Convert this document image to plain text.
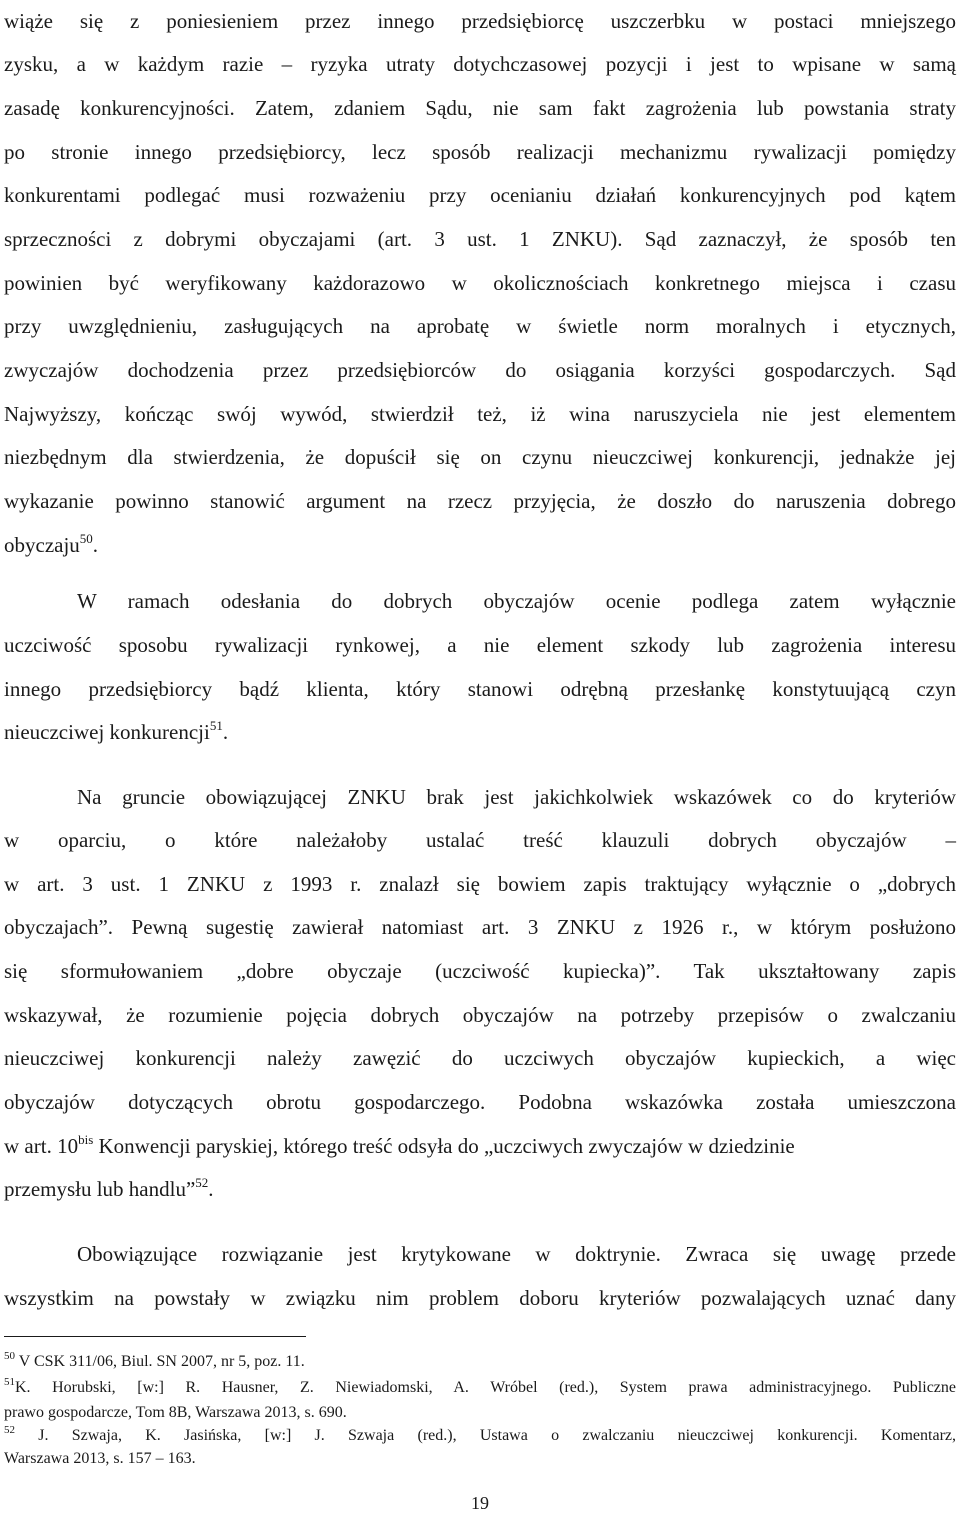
wiąże się z poniesieniem przez innego przedsiębiorcę uszczerbku w postaci mniejszego
zysku, a w każdym razie – ryzyka utraty dotychczasowej pozycji i jest to wpisane w samą
zasadę konkurencyjności. Zatem, zdaniem Sądu, nie sam fakt zagrożenia lub powstania straty
po stronie innego przedsiębiorcy, lecz sposób realizacji mechanizmu rywalizacji pomiędzy
konkurentami podlegać musi rozważeniu przy ocenianiu działań konkurencyjnych pod kątem
sprzeczności z dobrymi obyczajami (art. 3 ust. 1 ZNKU). Sąd zaznaczył, że sposób ten
powinien być weryfikowany każdorazowo w okolicznościach konkretnego miejsca i czasu
przy uwzględnieniu, zasługujących na aprobatę w świetle norm moralnych i etycznych,
zwyczajów dochodzenia przez przedsiębiorców do osiągania korzyści gospodarczych. Sąd
Najwyższy, kończąc swój wywód, stwierdził też, iż wina naruszyciela nie jest elementem
niezbędnym dla stwierdzenia, że dopuścił się on czynu nieuczciwej konkurencji, jednakże jej
wykazanie powinno stanowić argument na rzecz przyjęcia, że doszło do naruszenia dobrego
obyczaju$^{50}$.
W ramach odesłania do dobrych obyczajów ocenie podlega zatem wyłącznie
uczciwość sposobu rywalizacji rynkowej, a nie element szkody lub zagrożenia interesu
innego przedsiębiorcy bądź klienta, który stanowi odrębną przesłankę konstytuującą czyn
nieuczciwej konkurencji$^{51}$.
Na gruncie obowiązującej ZNKU brak jest jakichkolwiek wskazówek co do kryteriów
w oparciu, o które należałoby ustalać treść klauzuli dobrych obyczajów –
w art. 3 ust. 1 ZNKU z 1993 r. znalazł się bowiem zapis traktujący wyłącznie o „dobrych
obyczajach”. Pewną sugestię zawierał natomiast art. 3 ZNKU z 1926 r., w którym posłużono
się sformułowaniem „dobre obyczaje (uczciwość kupiecka)”. Tak ukształtowany zapis
wskazywał, że rozumienie pojęcia dobrych obyczajów na potrzeby przepisów o zwalczaniu
nieuczciwej konkurencji należy zawęzić do uczciwych obyczajów kupieckich, a więc
obyczajów dotyczących obrotu gospodarczego. Podobna wskazówka została umieszczona
w art. $10^{bis}$ Konwencji paryskiej, którego treść odsyła do „uczciwych zwyczajów w dziedzinie
przemysłu lub handlu”$^{52}$.
Obowiązujące rozwiązanie jest krytykowane w doktrynie. Zwraca się uwagę przede
wszystkim na powstały w związku nim problem doboru kryteriów pozwalających uznać dany
$^{50}$ V CSK 311/06, Biul. SN 2007, nr 5, poz. 11.
$^{51}$K. Horubski, [w:] R. Hausner, Z. Niewiadomski, A. Wróbel (red.), System prawa administracyjnego. Publiczne
prawo gospodarcze, Tom 8B, Warszawa 2013, s. 690.
$^{52}$ J. Szwaja, K. Jasińska, [w:] J. Szwaja (red.), Ustawa o zwalczaniu nieuczciwej konkurencji. Komentarz,
Warszawa 2013, s. 157 – 163.
19
